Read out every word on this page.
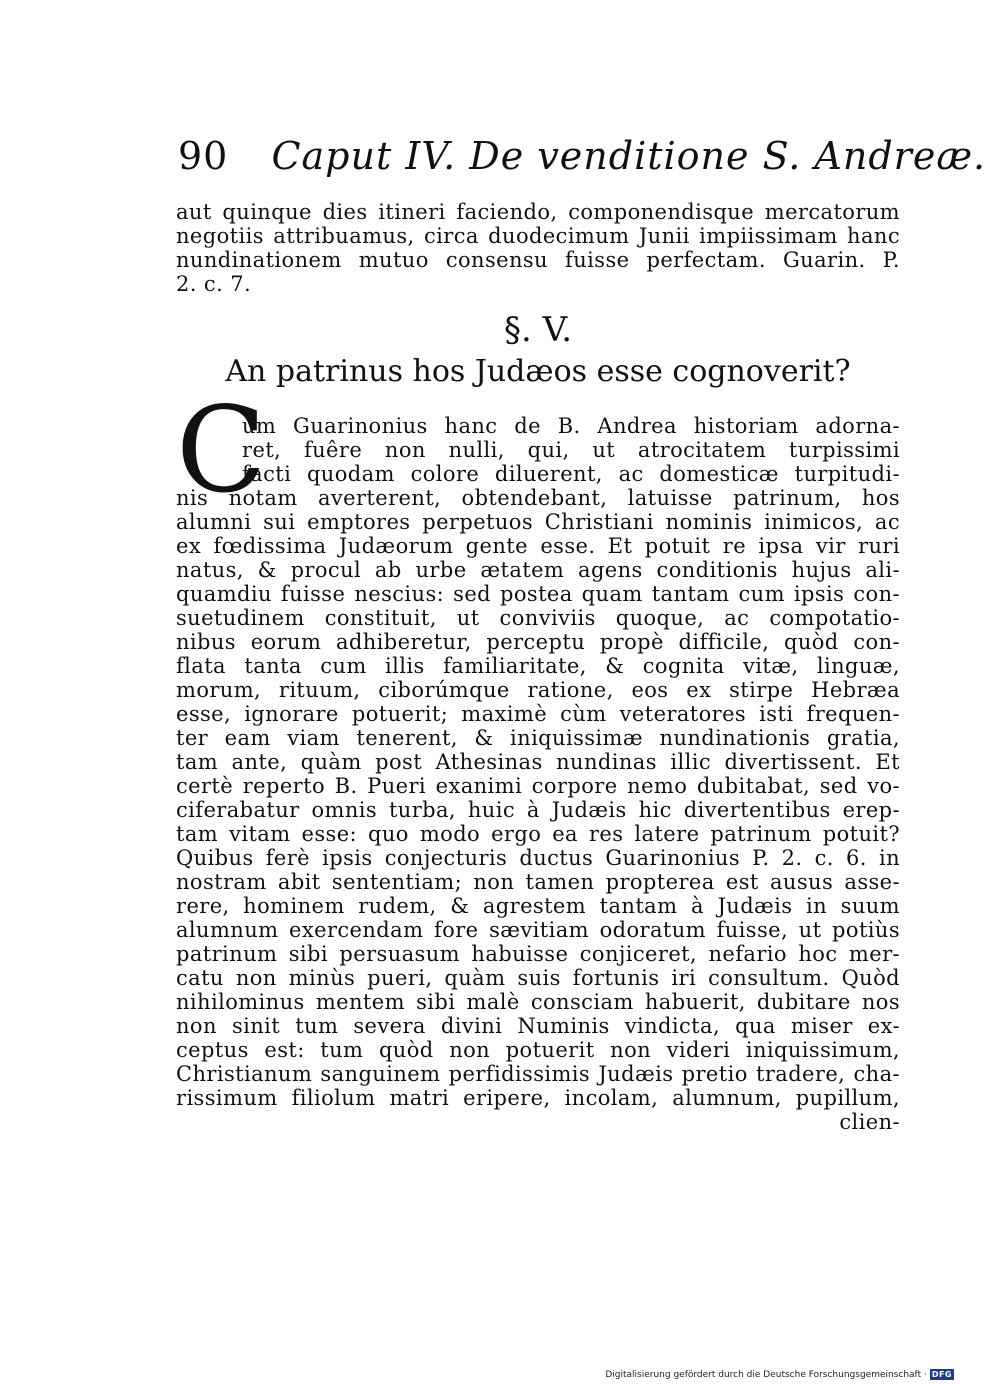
90 Caput IV. De venditione S. Andreæ.
aut quinque dies itineri faciendo, componendisque mercatorum
negotiis attribuamus, circa duodecimum Junii impiissimam hanc
nundinationem mutuo consensu fuisse perfectam. Guarin. P.
2. c. 7.
§. V.
An patrinus hos Judæos esse cognoverit?
C
ùm Guarinonius hanc de B. Andrea historiam adorna-
ret, fuêre non nulli, qui, ut atrocitatem turpissimi
facti quodam colore diluerent, ac domesticæ turpitudi-
nis notam averterent, obtendebant, latuisse patrinum, hos
alumni sui emptores perpetuos Christiani nominis inimicos, ac
ex fœdissima Judæorum gente esse. Et potuit re ipsa vir ruri
natus, & procul ab urbe ætatem agens conditionis hujus ali-
quamdiu fuisse nescius: sed postea quam tantam cum ipsis con-
suetudinem constituit, ut conviviis quoque, ac compotatio-
nibus eorum adhiberetur, perceptu propè difficile, quòd con-
flata tanta cum illis familiaritate, & cognita vitæ, linguæ,
morum, rituum, ciborúmque ratione, eos ex stirpe Hebræa
esse, ignorare potuerit; maximè cùm veteratores isti frequen-
ter eam viam tenerent, & iniquissimæ nundinationis gratia,
tam ante, quàm post Athesinas nundinas illic divertissent. Et
certè reperto B. Pueri exanimi corpore nemo dubitabat, sed vo-
ciferabatur omnis turba, huic à Judæis hic divertentibus erep-
tam vitam esse: quo modo ergo ea res latere patrinum potuit?
Quibus ferè ipsis conjecturis ductus Guarinonius P. 2. c. 6. in
nostram abit sententiam; non tamen propterea est ausus asse-
rere, hominem rudem, & agrestem tantam à Judæis in suum
alumnum exercendam fore sævitiam odoratum fuisse, ut potiùs
patrinum sibi persuasum habuisse conjiceret, nefario hoc mer-
catu non minùs pueri, quàm suis fortunis iri consultum. Quòd
nihilominus mentem sibi malè consciam habuerit, dubitare nos
non sinit tum severa divini Numinis vindicta, qua miser ex-
ceptus est: tum quòd non potuerit non videri iniquissimum,
Christianum sanguinem perfidissimis Judæis pretio tradere, cha-
rissimum filiolum matri eripere, incolam, alumnum, pupillum,
clien-
Digitalisierung gefördert durch die Deutsche Forschungsgemeinschaft · DFG
